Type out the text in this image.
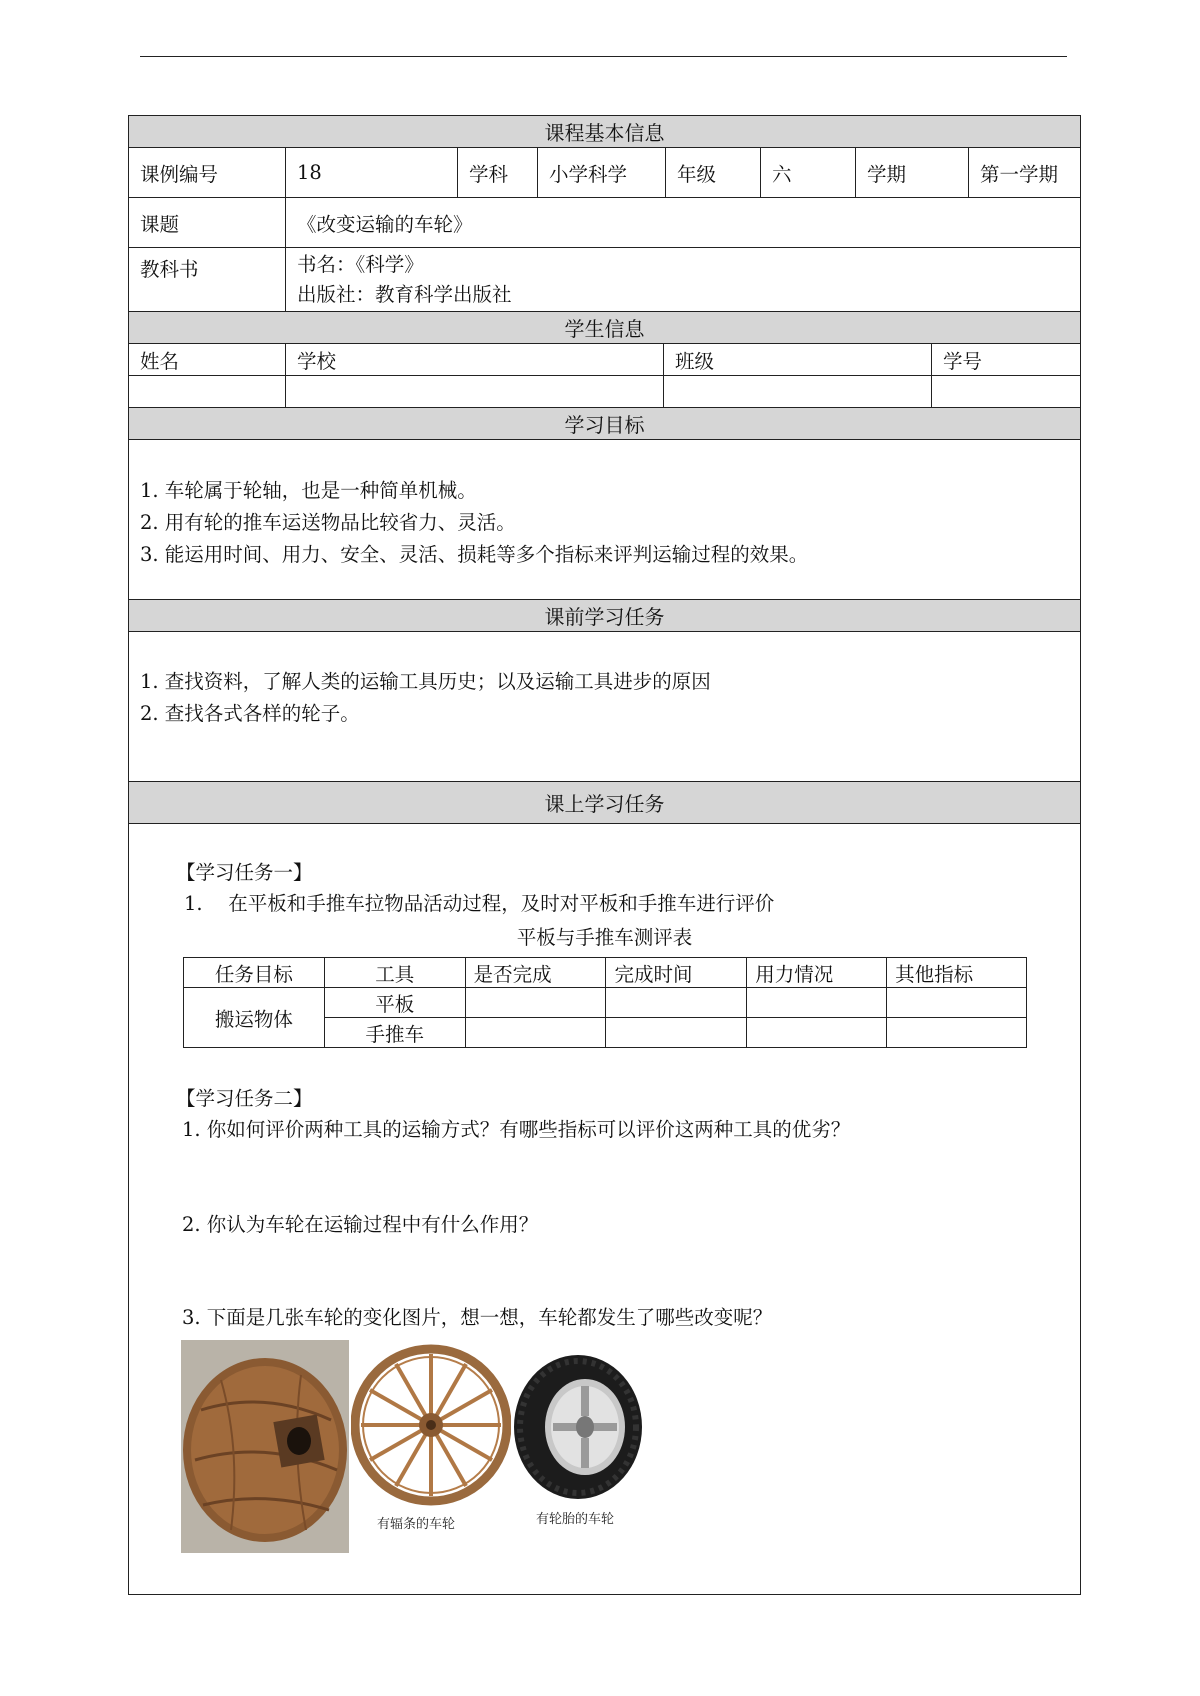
课程基本信息
课例编号	18	学科	小学科学	年级	六	学期	第一学期
课题	《改变运输的车轮》
教科书	书名：《科学》
出版社：教育科学出版社
学生信息
姓名	学校	班级	学号
学习目标
1. 车轮属于轮轴，也是一种简单机械。
2. 用有轮的推车运送物品比较省力、灵活。
3. 能运用时间、用力、安全、灵活、损耗等多个指标来评判运输过程的效果。
课前学习任务
1. 查找资料，了解人类的运输工具历史；以及运输工具进步的原因
2. 查找各式各样的轮子。
课上学习任务
【学习任务一】
1.　 在平板和手推车拉物品活动过程，及时对平板和手推车进行评价
平板与手推车测评表
任务目标	工具	是否完成	完成时间	用力情况	其他指标
搬运物体	平板				
	手推车				
【学习任务二】
1. 你如何评价两种工具的运输方式？有哪些指标可以评价这两种工具的优劣？
2. 你认为车轮在运输过程中有什么作用？
3. 下面是几张车轮的变化图片，想一想，车轮都发生了哪些改变呢？
有辐条的车轮	有轮胎的车轮
